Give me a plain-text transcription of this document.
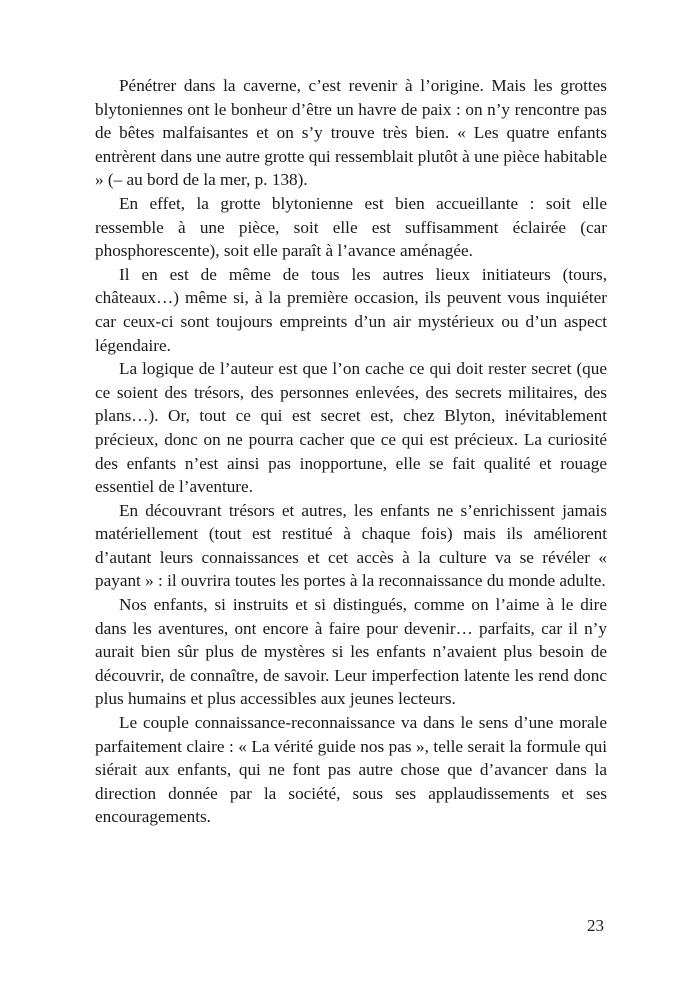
Pénétrer dans la caverne, c’est revenir à l’origine. Mais les grottes blytoniennes ont le bonheur d’être un havre de paix : on n’y rencontre pas de bêtes malfaisantes et on s’y trouve très bien. « Les quatre enfants entrèrent dans une autre grotte qui ressemblait plutôt à une pièce habitable » (– au bord de la mer, p. 138).

En effet, la grotte blytonienne est bien accueillante : soit elle ressemble à une pièce, soit elle est suffisamment éclairée (car phosphorescente), soit elle paraît à l’avance aménagée.

Il en est de même de tous les autres lieux initiateurs (tours, châteaux…) même si, à la première occasion, ils peuvent vous inquiéter car ceux-ci sont toujours empreints d’un air mystérieux ou d’un aspect légendaire.

La logique de l’auteur est que l’on cache ce qui doit rester secret (que ce soient des trésors, des personnes enlevées, des secrets militaires, des plans…). Or, tout ce qui est secret est, chez Blyton, inévitablement précieux, donc on ne pourra cacher que ce qui est précieux. La curiosité des enfants n’est ainsi pas inopportune, elle se fait qualité et rouage essentiel de l’aventure.

En découvrant trésors et autres, les enfants ne s’enrichissent jamais matériellement (tout est restitué à chaque fois) mais ils améliorent d’autant leurs connaissances et cet accès à la culture va se révéler « payant » : il ouvrira toutes les portes à la reconnaissance du monde adulte.

Nos enfants, si instruits et si distingués, comme on l’aime à le dire dans les aventures, ont encore à faire pour devenir… parfaits, car il n’y aurait bien sûr plus de mystères si les enfants n’avaient plus besoin de découvrir, de connaître, de savoir. Leur imperfection latente les rend donc plus humains et plus accessibles aux jeunes lecteurs.

Le couple connaissance-reconnaissance va dans le sens d’une morale parfaitement claire : « La vérité guide nos pas », telle serait la formule qui siérait aux enfants, qui ne font pas autre chose que d’avancer dans la direction donnée par la société, sous ses applaudissements et ses encouragements.

23
